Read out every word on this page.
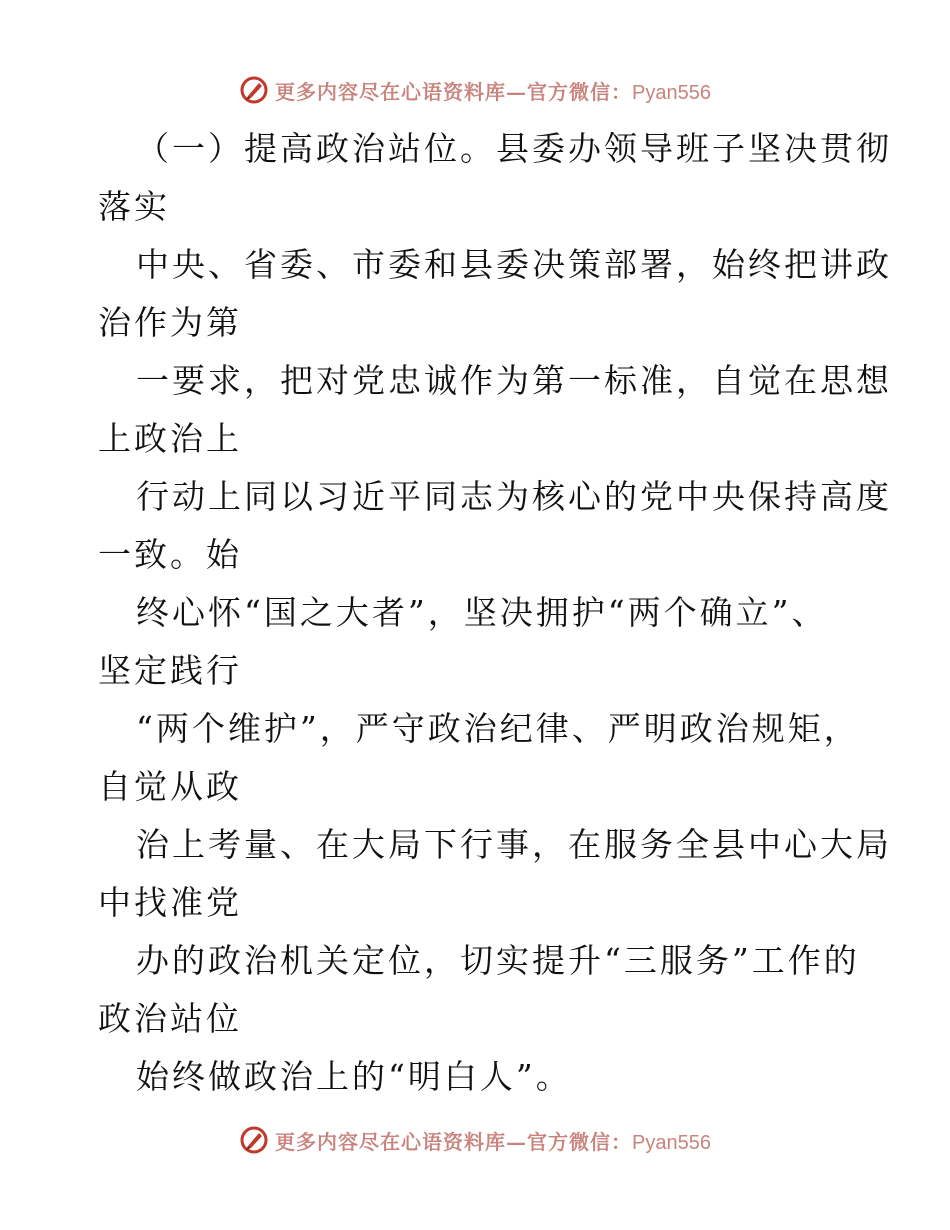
更多内容尽在心语资料库—官方微信：Pyan556
（一）提高政治站位。县委办领导班子坚决贯彻
落实
中央、省委、市委和县委决策部署，始终把讲政
治作为第
一要求，把对党忠诚作为第一标准，自觉在思想
上政治上
行动上同以习近平同志为核心的党中央保持高度
一致。始
终心怀“国之大者”，坚决拥护“两个确立”、
坚定践行
“两个维护”，严守政治纪律、严明政治规矩，
自觉从政
治上考量、在大局下行事，在服务全县中心大局
中找准党
办的政治机关定位，切实提升“三服务”工作的
政治站位
始终做政治上的“明白人”。
更多内容尽在心语资料库—官方微信：Pyan556
